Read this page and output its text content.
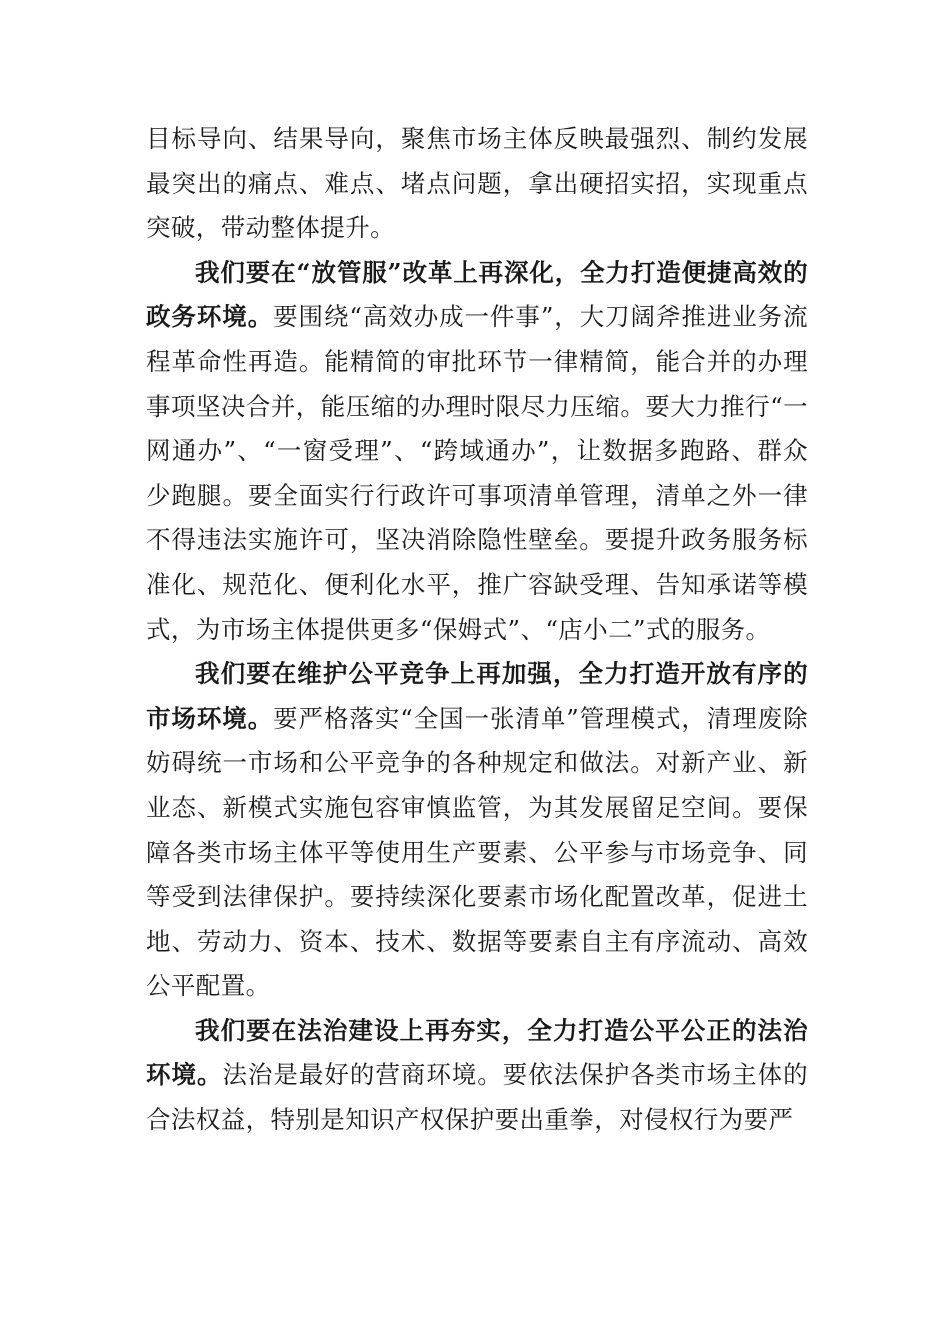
目标导向、结果导向，聚焦市场主体反映最强烈、制约发展最突出的痛点、难点、堵点问题，拿出硬招实招，实现重点突破，带动整体提升。

我们要在“放管服”改革上再深化，全力打造便捷高效的政务环境。要围绕“高效办成一件事”，大刀阔斧推进业务流程革命性再造。能精简的审批环节一律精简，能合并的办理事项坚决合并，能压缩的办理时限尽力压缩。要大力推行“一网通办”、“一窗受理”、“跨域通办”，让数据多跑路、群众少跑腿。要全面实行行政许可事项清单管理，清单之外一律不得违法实施许可，坚决消除隐性壁垒。要提升政务服务标准化、规范化、便利化水平，推广容缺受理、告知承诺等模式，为市场主体提供更多“保姆式”、“店小二”式的服务。

我们要在维护公平竞争上再加强，全力打造开放有序的市场环境。要严格落实“全国一张清单”管理模式，清理废除妨碍统一市场和公平竞争的各种规定和做法。对新产业、新业态、新模式实施包容审慎监管，为其发展留足空间。要保障各类市场主体平等使用生产要素、公平参与市场竞争、同等受到法律保护。要持续深化要素市场化配置改革，促进土地、劳动力、资本、技术、数据等要素自主有序流动、高效公平配置。

我们要在法治建设上再夯实，全力打造公平公正的法治环境。法治是最好的营商环境。要依法保护各类市场主体的合法权益，特别是知识产权保护要出重拳，对侵权行为要严
